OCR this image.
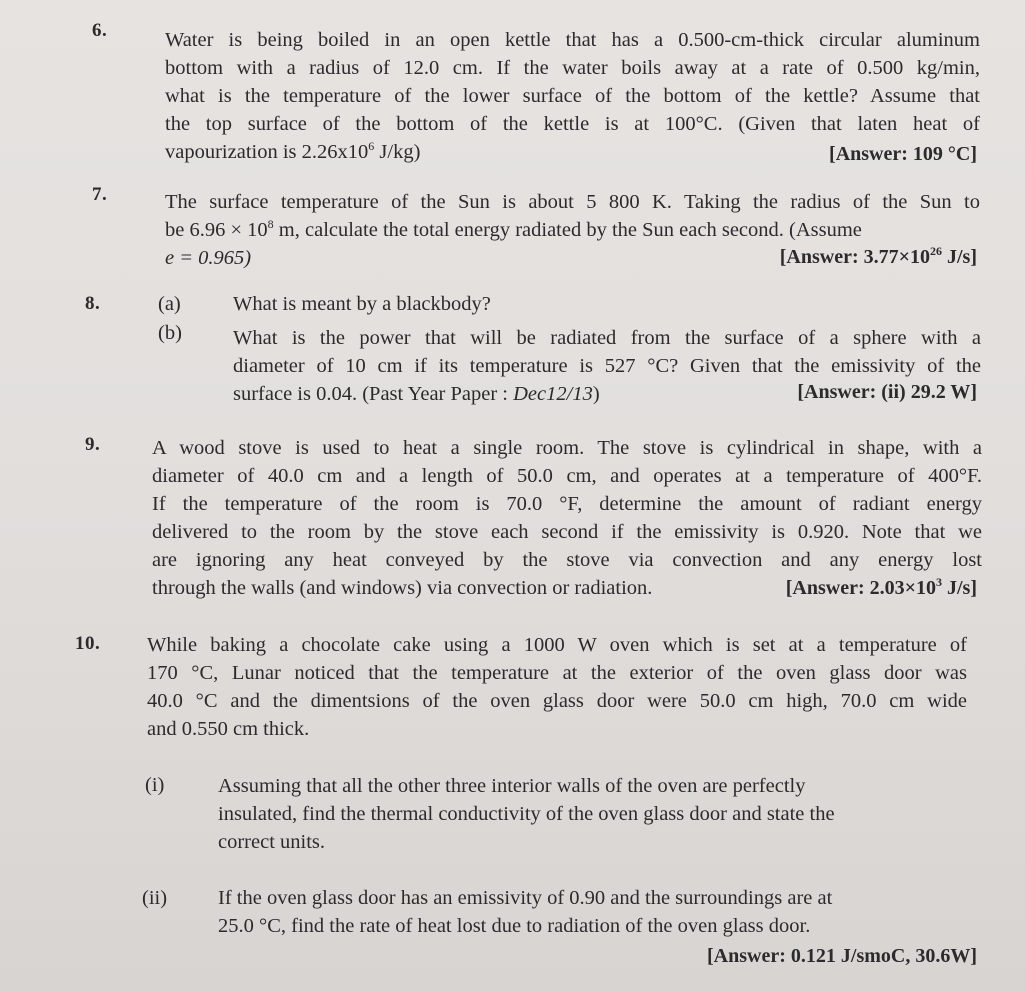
6.	Water is being boiled in an open kettle that has a 0.500-cm-thick circular aluminum
bottom with a radius of 12.0 cm. If the water boils away at a rate of 0.500 kg/min,
what is the temperature of the lower surface of the bottom of the kettle? Assume that
the top surface of the bottom of the kettle is at 100°C. (Given that laten heat of
vapourization is $2.26x10^6$ J/kg)	[Answer: 109 °C]
7.	The surface temperature of the Sun is about 5 800 K. Taking the radius of the Sun to
be $6.96 \times 10^8$ m, calculate the total energy radiated by the Sun each second. (Assume
e = 0.965)	[Answer: $3.77\times 10^{26}$ J/s]
8.	(a)	What is meant by a blackbody?
(b) What is the power that will be radiated from the surface of a sphere with a
diameter of 10 cm if its temperature is 527 °C? Given that the emissivity of the
surface is 0.04. (Past Year Paper : Dec12/13)	[Answer: (ii) 29.2 W]
9.	A wood stove is used to heat a single room. The stove is cylindrical in shape, with a
diameter of 40.0 cm and a length of 50.0 cm, and operates at a temperature of 400°F.
If the temperature of the room is 70.0 °F, determine the amount of radiant energy
delivered to the room by the stove each second if the emissivity is 0.920. Note that we
are ignoring any heat conveyed by the stove via convection and any energy lost
through the walls (and windows) via convection or radiation.	[Answer: $2.03\times 10^3$ J/s]
10. While baking a chocolate cake using a 1000 W oven which is set at a temperature of
170 °C, Lunar noticed that the temperature at the exterior of the oven glass door was
40.0 °C and the dimentsions of the oven glass door were 50.0 cm high, 70.0 cm wide
and 0.550 cm thick.
(i)	Assuming that all the other three interior walls of the oven are perfectly
insulated, find the thermal conductivity of the oven glass door and state the
correct units.
(ii) If the oven glass door has an emissivity of 0.90 and the surroundings are at
25.0 °C, find the rate of heat lost due to radiation of the oven glass door.
[Answer: 0.121 J/smoC, 30.6W]
